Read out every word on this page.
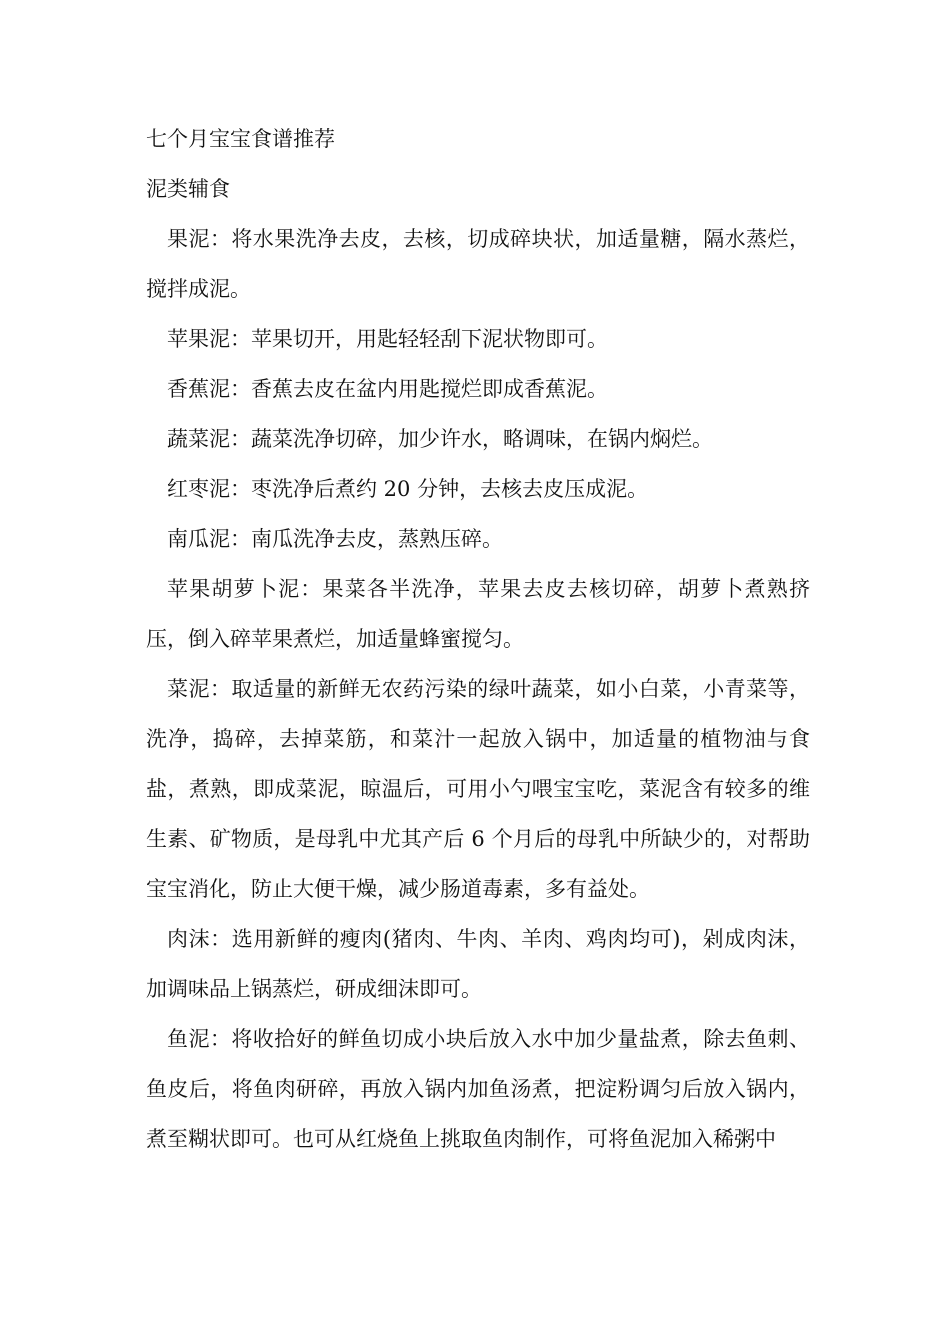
七个月宝宝食谱推荐

泥类辅食

果泥：将水果洗净去皮，去核，切成碎块状，加适量糖，隔水蒸烂，搅拌成泥。

苹果泥：苹果切开，用匙轻轻刮下泥状物即可。

香蕉泥：香蕉去皮在盆内用匙搅烂即成香蕉泥。

蔬菜泥：蔬菜洗净切碎，加少许水，略调味，在锅内焖烂。

红枣泥：枣洗净后煮约 20 分钟，去核去皮压成泥。

南瓜泥：南瓜洗净去皮，蒸熟压碎。

苹果胡萝卜泥：果菜各半洗净，苹果去皮去核切碎，胡萝卜煮熟挤压，倒入碎苹果煮烂，加适量蜂蜜搅匀。

菜泥：取适量的新鲜无农药污染的绿叶蔬菜，如小白菜，小青菜等，洗净，捣碎，去掉菜筋，和菜汁一起放入锅中，加适量的植物油与食盐，煮熟，即成菜泥，晾温后，可用小勺喂宝宝吃，菜泥含有较多的维生素、矿物质，是母乳中尤其产后 6 个月后的母乳中所缺少的，对帮助宝宝消化，防止大便干燥，减少肠道毒素，多有益处。

肉沫：选用新鲜的瘦肉(猪肉、牛肉、羊肉、鸡肉均可)，剁成肉沫，加调味品上锅蒸烂，研成细沫即可。

鱼泥：将收拾好的鲜鱼切成小块后放入水中加少量盐煮，除去鱼刺、鱼皮后，将鱼肉研碎，再放入锅内加鱼汤煮，把淀粉调匀后放入锅内，煮至糊状即可。也可从红烧鱼上挑取鱼肉制作，可将鱼泥加入稀粥中
